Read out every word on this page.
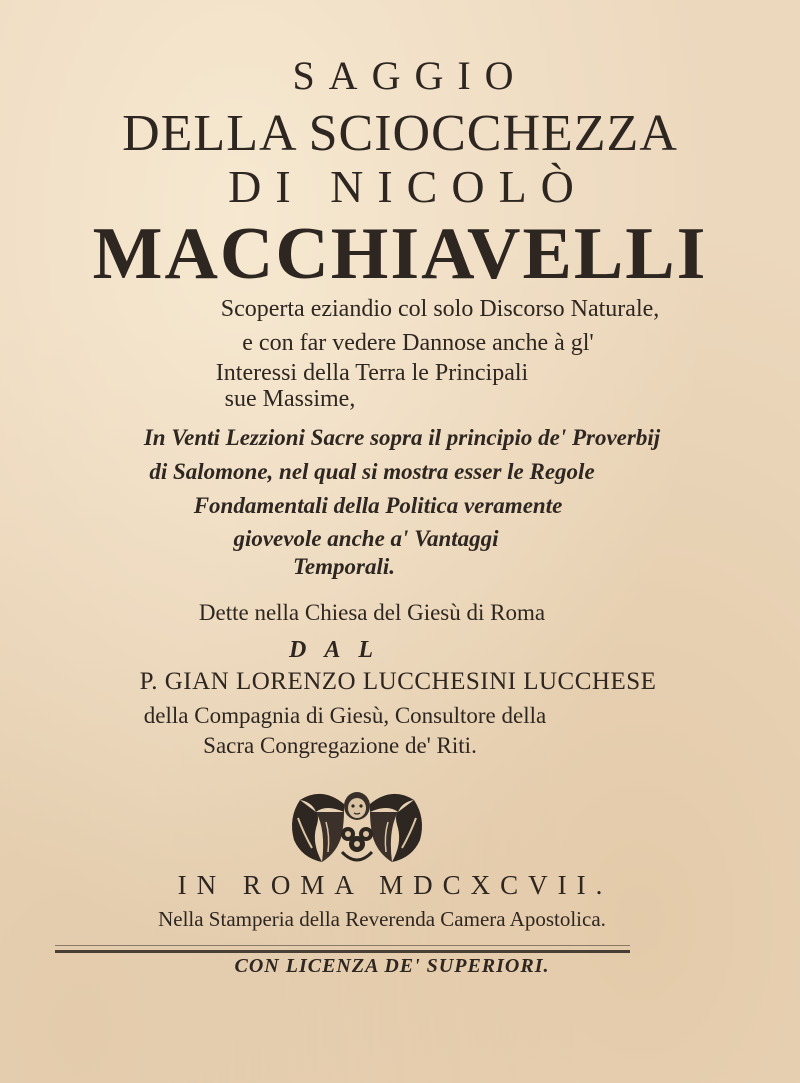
SAGGIO
DELLA SCIOCCHEZZA
DI NICOLÒ
MACCHIAVELLI
Scoperta eziandio col solo Discorso Naturale,
e con far vedere Dannose anche à gl'
Interessi della Terra le Principali
sue Massime,
In Venti Lezzioni Sacre sopra il principio de' Proverbij
di Salomone, nel qual si mostra esser le Regole
Fondamentali della Politica veramente
giovevole anche a' Vantaggi
Temporali.
Dette nella Chiesa del Giesù di Roma
DAL
P. GIAN LORENZO LUCCHESINI LUCCHESE
della Compagnia di Giesù, Consultore della
Sacra Congregazione de' Riti.
IN ROMA MDCXCVII.
Nella Stamperia della Reverenda Camera Apostolica.
CON LICENZA DE' SUPERIORI.
